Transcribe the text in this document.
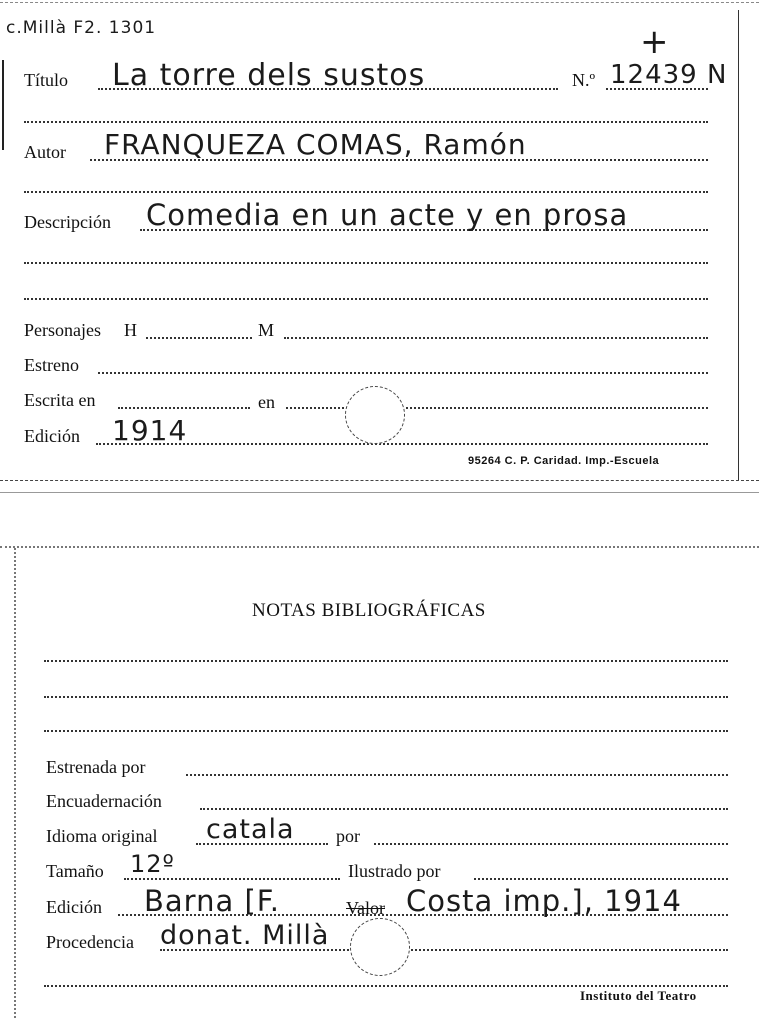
c.Millà F2. 1301	+
Título La torre dels sustos	N.º 12439 N
Autor FRANQUEZA COMAS, Ramón
Descripción Comedia en un acte y en prosa
Personajes H	M
Estreno
Escrita en	en
Edición 1914
95264 C. P. Caridad. Imp.-Escuela
NOTAS BIBLIOGRÁFICAS
Estrenada por
Encuadernación
Idioma original catala por
Tamaño 12º	Ilustrado por
Edición Barna [F.	Valor Costa imp.], 1914
Procedencia donat. Millà
Instituto del Teatro
